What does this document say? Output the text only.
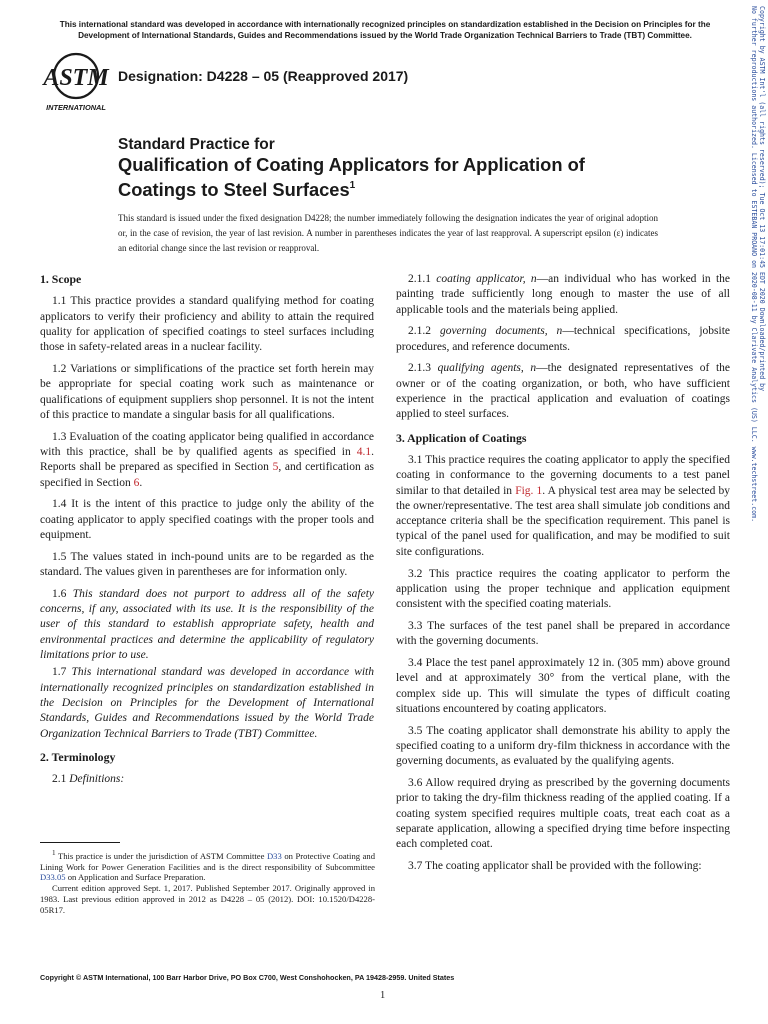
This international standard was developed in accordance with internationally recognized principles on standardization established in the Decision on Principles for the Development of International Standards, Guides and Recommendations issued by the World Trade Organization Technical Barriers to Trade (TBT) Committee.	Copyright by ASTM Int'l (all rights reserved); Tue Oct 13 17:01:45 EDT 2020 Downloaded/printed by
No further reproductions authorized. Licensed to ESTEBAN PROANO on 2020-08-11 by Clarivate Analytics (US) LLC. www.techstreet.com.
ASTM
INTERNATIONAL
Designation: D4228 – 05 (Reapproved 2017)
Standard Practice for
Qualification of Coating Applicators for Application of Coatings to Steel Surfaces$^1$
This standard is issued under the fixed designation D4228; the number immediately following the designation indicates the year of original adoption or, in the case of revision, the year of last revision. A number in parentheses indicates the year of last reapproval. A superscript epsilon (ε) indicates an editorial change since the last revision or reapproval.
1. Scope

1.1 This practice provides a standard qualifying method for coating applicators to verify their proficiency and ability to attain the required quality for application of specified coatings to steel surfaces including those in safety-related areas in a nuclear facility.

1.2 Variations or simplifications of the practice set forth herein may be appropriate for special coating work such as maintenance or qualifications of equipment suppliers shop personnel. It is not the intent of this practice to mandate a singular basis for all qualifications.

1.3 Evaluation of the coating applicator being qualified in accordance with this practice, shall be by qualified agents as specified in 4.1. Reports shall be prepared as specified in Section 5, and certification as specified in Section 6.

1.4 It is the intent of this practice to judge only the ability of the coating applicator to apply specified coatings with the proper tools and equipment.

1.5 The values stated in inch-pound units are to be regarded as the standard. The values given in parentheses are for information only.

1.6 This standard does not purport to address all of the safety concerns, if any, associated with its use. It is the responsibility of the user of this standard to establish appropriate safety, health and environmental practices and determine the applicability of regulatory limitations prior to use.

1.7 This international standard was developed in accordance with internationally recognized principles on standardization established in the Decision on Principles for the Development of International Standards, Guides and Recommendations issued by the World Trade Organization Technical Barriers to Trade (TBT) Committee.

2. Terminology

2.1 Definitions:

$^1$ This practice is under the jurisdiction of ASTM Committee D33 on Protective Coating and Lining Work for Power Generation Facilities and is the direct responsibility of Subcommittee D33.05 on Application and Surface Preparation.

Current edition approved Sept. 1, 2017. Published September 2017. Originally approved in 1983. Last previous edition approved in 2012 as D4228 – 05 (2012). DOI: 10.1520/D4228-05R17.

2.1.1 coating applicator, n—an individual who has worked in the painting trade sufficiently long enough to master the use of all applicable tools and the materials being applied.

2.1.2 governing documents, n—technical specifications, jobsite procedures, and reference documents.

2.1.3 qualifying agents, n—the designated representatives of the owner or of the coating organization, or both, who have sufficient experience in the practical application and evaluation of coatings applied to steel surfaces.

3. Application of Coatings

3.1 This practice requires the coating applicator to apply the specified coating in conformance to the governing documents to a test panel similar to that detailed in Fig. 1. A physical test area may be selected by the owner/representative. The test area shall simulate job conditions and acceptance criteria shall be the specification requirement. This panel is typical of the panel used for qualification, and may be modified to suit site configurations.

3.2 This practice requires the coating applicator to perform the application using the proper technique and application equipment consistent with the specified coating materials.

3.3 The surfaces of the test panel shall be prepared in accordance with the governing documents.

3.4 Place the test panel approximately 12 in. (305 mm) above ground level and at approximately 30° from the vertical plane, with the complex side up. This will simulate the types of difficult coating situations encountered by coating applicators.

3.5 The coating applicator shall demonstrate his ability to apply the specified coating to a uniform dry-film thickness in accordance with the governing documents, as evaluated by the qualifying agents.

3.6 Allow required drying as prescribed by the governing documents prior to taking the dry-film thickness reading of the applied coating. If a coating system specified requires multiple coats, treat each coat as a separate application, allowing a specified drying time before inspecting each completed coat.

3.7 The coating applicator shall be provided with the following:

Copyright © ASTM International, 100 Barr Harbor Drive, PO Box C700, West Conshohocken, PA 19428-2959. United States
1
